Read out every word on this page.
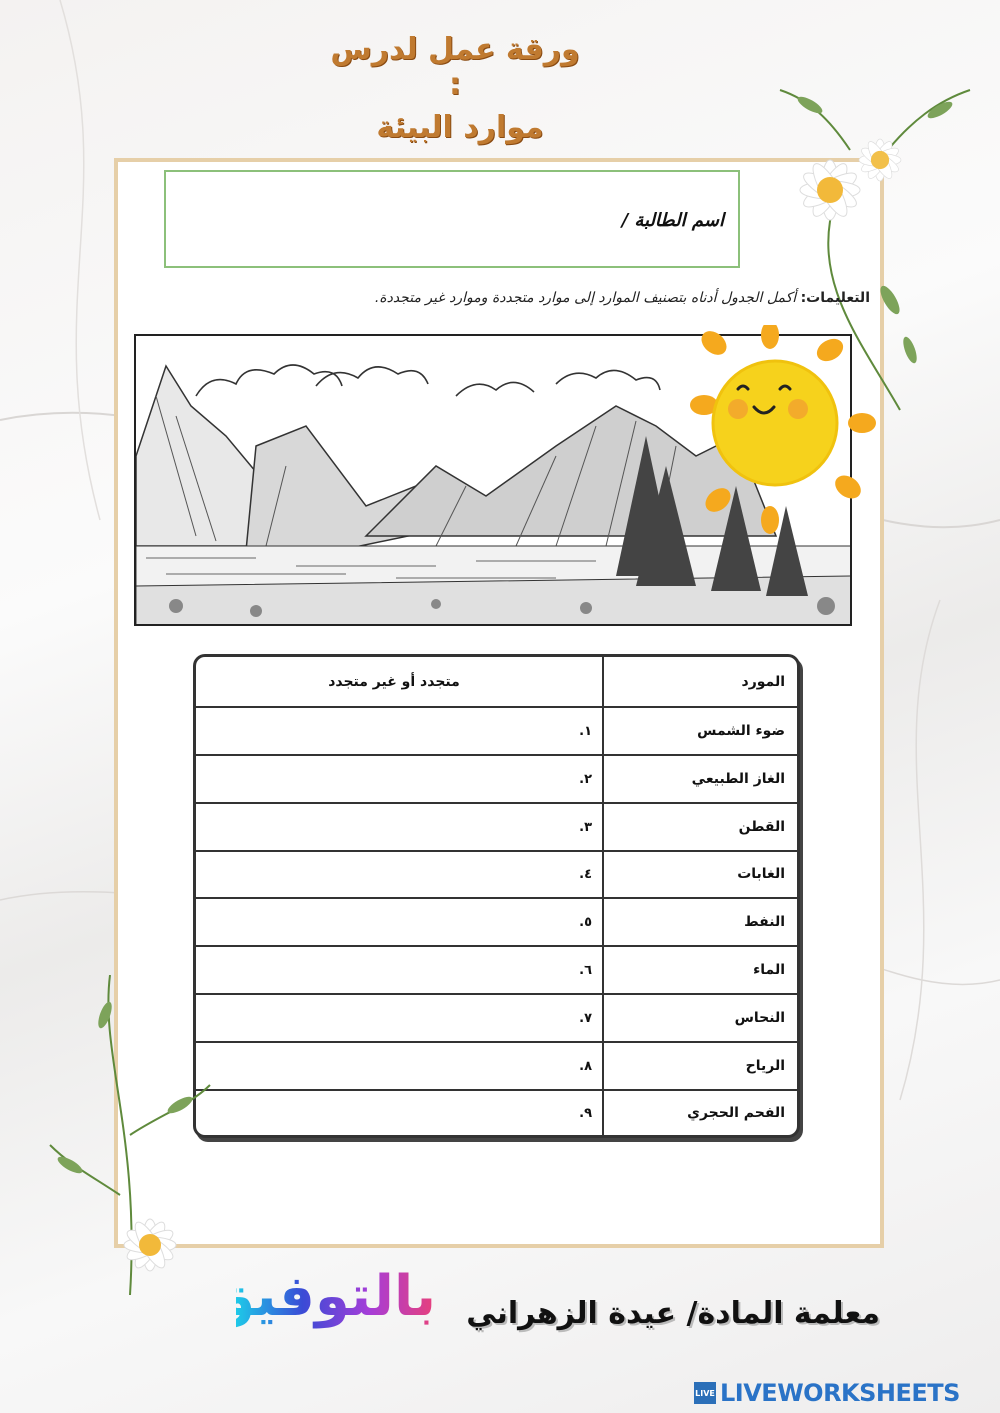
ورقة عمل لدرس :
موارد البيئة
اسم الطالبة /
التعليمات: أكمل الجدول أدناه بتصنيف الموارد إلى موارد متجددة وموارد غير متجددة.
المورد	متجدد أو غير متجدد
ضوء الشمس	١.
الغاز الطبيعي	٢.
القطن	٣.
الغابات	٤.
النفط	٥.
الماء	٦.
النحاس	٧.
الرياح	٨.
الفحم الحجري	٩.
معلمة المادة/ عيدة الزهراني
بالتوفيق
LIVE LIVEWORKSHEETS
